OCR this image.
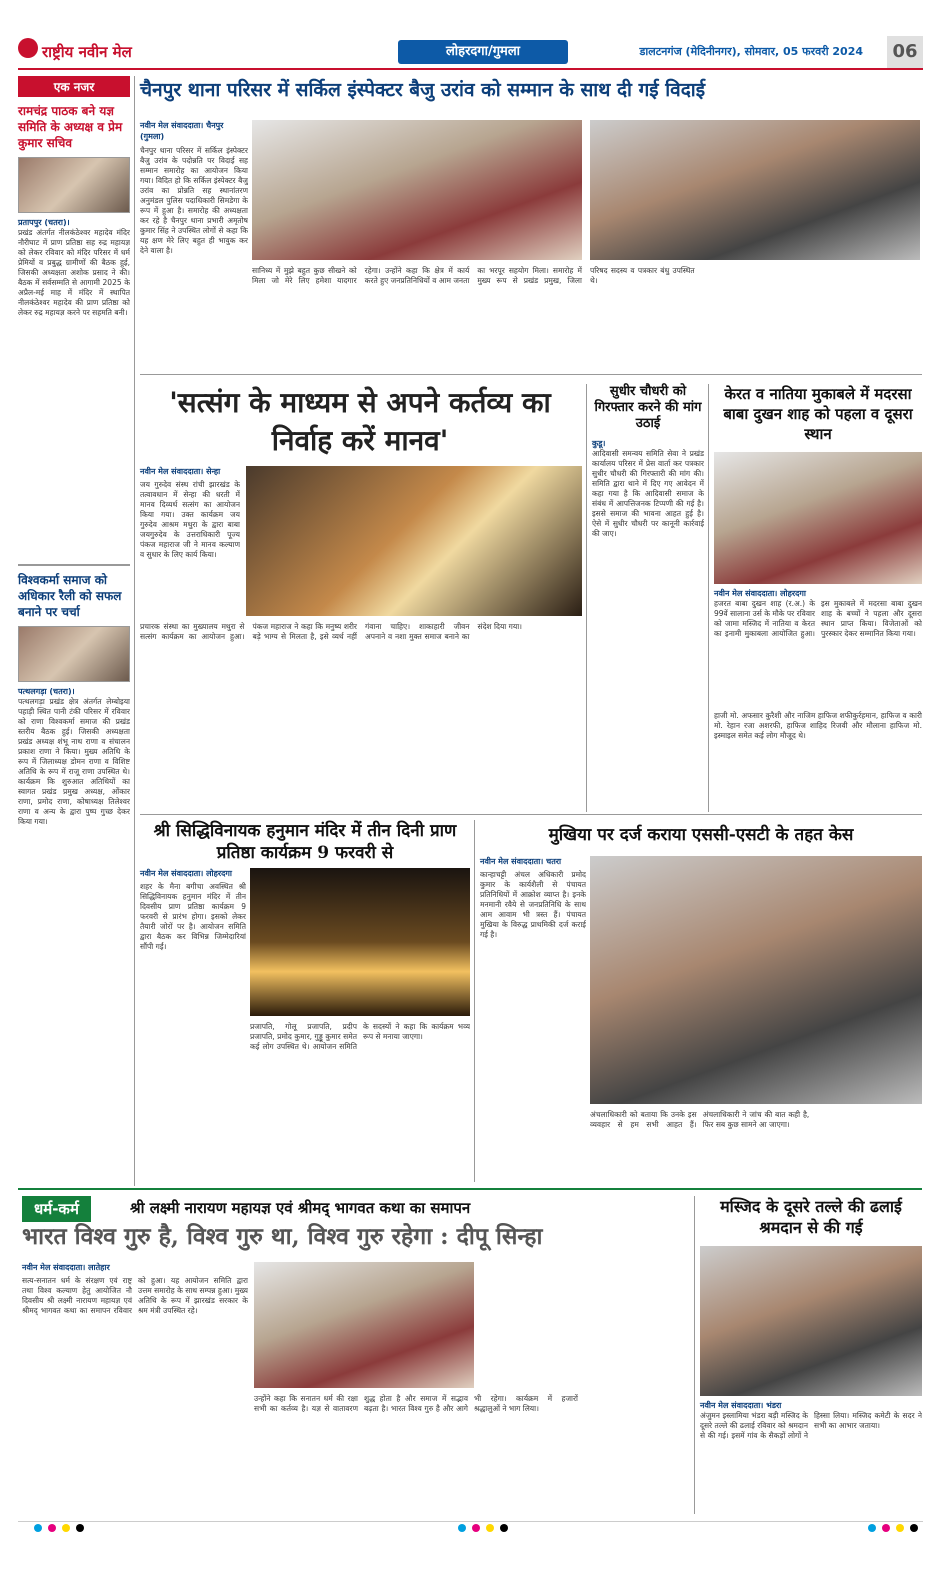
राष्ट्रीय नवीन मेल	लोहरदगा/गुमला	डालटनगंज (मेदिनीनगर), सोमवार, 05 फरवरी 2024	06
एक नजर
रामचंद्र पाठक बने यज्ञ समिति के अध्यक्ष व प्रेम कुमार सचिव
प्रतापपुर (चतरा)।
प्रखंड अंतर्गत नीलकंठेश्वर महादेव मंदिर नौरीघाट में प्राण प्रतिष्ठा सह रुद्र महायज्ञ को लेकर रविवार को मंदिर परिसर में धर्म प्रेमियों व प्रबुद्ध ग्रामीणों की बैठक हुई, जिसकी अध्यक्षता अशोक प्रसाद ने की। बैठक में सर्वसम्मति से आगामी 2025 के अप्रैल-मई माह में मंदिर में स्थापित नीलकंठेश्वर महादेव की प्राण प्रतिष्ठा को लेकर रुद्र महायज्ञ करने पर सहमति बनी।
विश्वकर्मा समाज को अधिकार रैली को सफल बनाने पर चर्चा
पत्थलगड़ा (चतरा)।
पत्थलगड़ा प्रखंड क्षेत्र अंतर्गत लेम्बोइया पहाड़ी स्थित पानी टंकी परिसर में रविवार को राणा विश्वकर्मा समाज की प्रखंड स्तरीय बैठक हुई। जिसकी अध्यक्षता प्रखंड अध्यक्ष शंभू नाथ राणा व संचालन प्रकाश राणा ने किया। मुख्य अतिथि के रूप में जिलाध्यक्ष डोमन राणा व विशिष्ट अतिथि के रूप में राजू राणा उपस्थित थे। कार्यक्रम कि शुरुआत अतिथियों का स्वागत प्रखंड प्रमुख अध्यक्ष, ओंकार राणा, प्रमोद राणा, कोषाध्यक्ष तिलेश्वर राणा व अन्य के द्वारा पुष्प गुच्छ देकर किया गया।
चैनपुर थाना परिसर में सर्किल इंस्पेक्टर बैजु उरांव को सम्मान के साथ दी गई विदाई
नवीन मेल संवाददाता। चैनपुर (गुमला)
चैनपुर थाना परिसर में सर्किल इंस्पेक्टर बैजु उरांव के पदोन्नति पर विदाई सह सम्मान समारोह का आयोजन किया गया। विदित हो कि सर्किल इंस्पेक्टर बैजु उरांव का प्रोन्नति सह स्थानांतरण अनुमंडल पुलिस पदाधिकारी सिमडेगा के रूप में हुआ है। समारोह की अध्यक्षता कर रहे है चैनपुर थाना प्रभारी अमृतोष कुमार सिंह ने उपस्थित लोगों से कहा कि यह क्षण मेरे लिए बहुत ही भावुक कर देने वाला है।
सानिध्य में मुझे बहुत कुछ सीखने को मिला जो मेरे लिए हमेशा यादगार रहेगा। उन्होंने कहा कि क्षेत्र में कार्य करते हुए जनप्रतिनिधियों व आम जनता का भरपूर सहयोग मिला। समारोह में मुख्य रूप से प्रखंड प्रमुख, जिला परिषद सदस्य व पत्रकार बंधु उपस्थित थे।
'सत्संग के माध्यम से अपने कर्तव्य का निर्वाह करें मानव'
नवीन मेल संवाददाता। सेन्हा
जय गुरुदेव संस्थ रांची झारखंड के तत्वावधान में सेन्हा की धरती में मानव दिव्यर्थ सत्संग का आयोजन किया गया। उक्त कार्यक्रम जय गुरुदेव आश्रम मथुरा के द्वारा बाबा जयगुरुदेव के उत्तराधिकारी पूज्य पंकज महाराज जी ने मानव कल्याण व सुधार के लिए कार्य किया।
प्रचारक संस्था का मुख्यालय मथुरा से सत्संग कार्यक्रम का आयोजन हुआ। पंकज महाराज ने कहा कि मनुष्य शरीर बड़े भाग्य से मिलता है, इसे व्यर्थ नहीं गंवाना चाहिए। शाकाहारी जीवन अपनाने व नशा मुक्त समाज बनाने का संदेश दिया गया।
सुधीर चौधरी को गिरफ्तार करने की मांग उठाई
कुडू।
आदिवासी समन्वय समिति सेवा ने प्रखंड कार्यालय परिसर में प्रेस वार्ता कर पत्रकार सुधीर चौधरी की गिरफ्तारी की मांग की। समिति द्वारा थाने में दिए गए आवेदन में कहा गया है कि आदिवासी समाज के संबंध में आपत्तिजनक टिप्पणी की गई है। इससे समाज की भावना आहत हुई है। ऐसे में सुधीर चौधरी पर कानूनी कार्रवाई की जाए।
केरत व नातिया मुकाबले में मदरसा बाबा दुखन शाह को पहला व दूसरा स्थान
नवीन मेल संवाददाता। लोहरदगा
हजरत बाबा दुखन शाह (र.अ.) के 99वें सालाना उर्स के मौके पर रविवार को जामा मस्जिद में नातिया व केरत का इनामी मुकाबला आयोजित हुआ। इस मुकाबले में मदरसा बाबा दुखन शाह के बच्चों ने पहला और दूसरा स्थान प्राप्त किया। विजेताओं को पुरस्कार देकर सम्मानित किया गया।
हाजी मो. अफसार कुरैशी और नाजिम हाफिज शफीकुर्रहमान, हाफिज व कारी मो. रेहान रजा अशरफी, हाफिज शाहिद रिजवी और मौलाना हाफिज मो. इस्माइल समेत कई लोग मौजूद थे।
श्री सिद्धिविनायक हनुमान मंदिर में तीन दिनी प्राण प्रतिष्ठा कार्यक्रम 9 फरवरी से
नवीन मेल संवाददाता। लोहरदगा
शहर के मैना बगीचा अवस्थित श्री सिद्धिविनायक हनुमान मंदिर में तीन दिवसीय प्राण प्रतिष्ठा कार्यक्रम 9 फरवरी से प्रारंभ होगा। इसको लेकर तैयारी जोरों पर है। आयोजन समिति द्वारा बैठक कर विभिन्न जिम्मेदारियां सौंपी गईं।
प्रजापति, गोलू प्रजापति, प्रदीप प्रजापति, प्रमोद कुमार, गुड्डू कुमार समेत कई लोग उपस्थित थे। आयोजन समिति के सदस्यों ने कहा कि कार्यक्रम भव्य रूप से मनाया जाएगा।
मुखिया पर दर्ज कराया एससी-एसटी के तहत केस
नवीन मेल संवाददाता। चतरा
कान्हाचट्टी अंचल अधिकारी प्रमोद कुमार के कार्यशैली से पंचायत प्रतिनिधियों में आक्रोश व्याप्त है। इनके मनमानी रवैये से जनप्रतिनिधि के साथ आम आवाम भी त्रस्त हैं। पंचायत मुखिया के विरुद्ध प्राथमिकी दर्ज कराई गई है।
अंचलाधिकारी को बताया कि उनके इस व्यवहार से हम सभी आहत हैं। अंचलाधिकारी ने जांच की बात कही है, फिर सब कुछ सामने आ जाएगा।
धर्म-कर्म	श्री लक्ष्मी नारायण महायज्ञ एवं श्रीमद् भागवत कथा का समापन
भारत विश्व गुरु है, विश्व गुरु था, विश्व गुरु रहेगा : दीपू सिन्हा
नवीन मेल संवाददाता। लातेहार
सत्य-सनातन धर्म के संरक्षण एवं राष्ट्र तथा विश्व कल्याण हेतु आयोजित नौ दिवसीय श्री लक्ष्मी नारायण महायज्ञ एवं श्रीमद् भागवत कथा का समापन रविवार को हुआ। यह आयोजन समिति द्वारा उत्तम समारोह के साथ सम्पन्न हुआ। मुख्य अतिथि के रूप में झारखंड सरकार के श्रम मंत्री उपस्थित रहे।
उन्होंने कहा कि सनातन धर्म की रक्षा सभी का कर्तव्य है। यज्ञ से वातावरण शुद्ध होता है और समाज में सद्भाव बढ़ता है। भारत विश्व गुरु है और आगे भी रहेगा। कार्यक्रम में हजारों श्रद्धालुओं ने भाग लिया।
मस्जिद के दूसरे तल्ले की ढलाई श्रमदान से की गई
नवीन मेल संवाददाता। भंडरा
अंजुमन इस्लामिया भंडरा बड़ी मस्जिद के दूसरे तल्ले की ढलाई रविवार को श्रमदान से की गई। इसमें गांव के सैकड़ों लोगों ने हिस्सा लिया। मस्जिद कमेटी के सदर ने सभी का आभार जताया।
